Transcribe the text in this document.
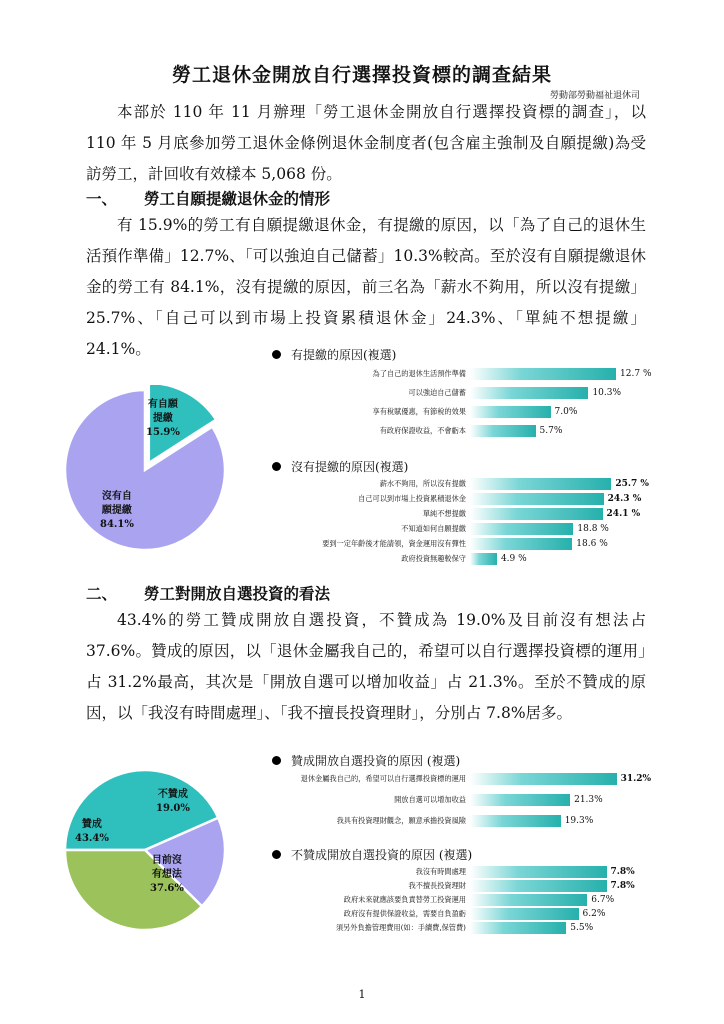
勞工退休金開放自行選擇投資標的調查結果
勞動部勞動福祉退休司
本部於 110 年 11 月辦理「勞工退休金開放自行選擇投資標的調查」，以 110 年 5 月底參加勞工退休金條例退休金制度者(包含雇主強制及自願提繳)為受訪勞工，計回收有效樣本 5,068 份。
一、 勞工自願提繳退休金的情形
有 15.9%的勞工有自願提繳退休金，有提繳的原因，以「為了自己的退休生活預作準備」12.7%、「可以強迫自己儲蓄」10.3%較高。至於沒有自願提繳退休金的勞工有 84.1%，沒有提繳的原因，前三名為「薪水不夠用，所以沒有提繳」25.7%、「自己可以到市場上投資累積退休金」24.3%、「單純不想提繳」24.1%。
有自願
提繳
15.9%
沒有自
願提繳
84.1%
有提繳的原因(複選)
沒有提繳的原因(複選)
為了自己的退休生活預作準備	12.7 %
可以強迫自己儲蓄	10.3%
享有稅賦優惠，有節稅的效果	7.0%
有政府保證收益，不會虧本	5.7%
薪水不夠用，所以沒有提繳	25.7 %
自己可以到市場上投資累積退休金	24.3 %
單純不想提繳	24.1 %
不知道如何自願提繳	18.8 %
要到一定年齡後才能請領，資金運用沒有彈性	18.6 %
政府投資無趣較保守	4.9 %
退休金屬我自己的，希望可以自行選擇投資標的運用	31.2%
開放自選可以增加收益	21.3%
我具有投資理財觀念，願意承擔投資風險	19.3%
我沒有時間處理	7.8%
我不擅長投資理財	7.8%
政府未來就應該要負責替勞工投資運用	6.7%
政府沒有提供保證收益，需要自負盈虧	6.2%
須另外負擔管理費用(如：手續費,保管費)	5.5%
二、 勞工對開放自選投資的看法
43.4%的勞工贊成開放自選投資，不贊成為 19.0%及目前沒有想法占 37.6%。贊成的原因，以「退休金屬我自己的，希望可以自行選擇投資標的運用」占 31.2%最高，其次是「開放自選可以增加收益」占 21.3%。至於不贊成的原因，以「我沒有時間處理」、「我不擅長投資理財」，分別占 7.8%居多。
贊成
43.4%
不贊成
19.0%
目前沒
有想法
37.6%
贊成開放自選投資的原因 (複選)
不贊成開放自選投資的原因 (複選)
1
